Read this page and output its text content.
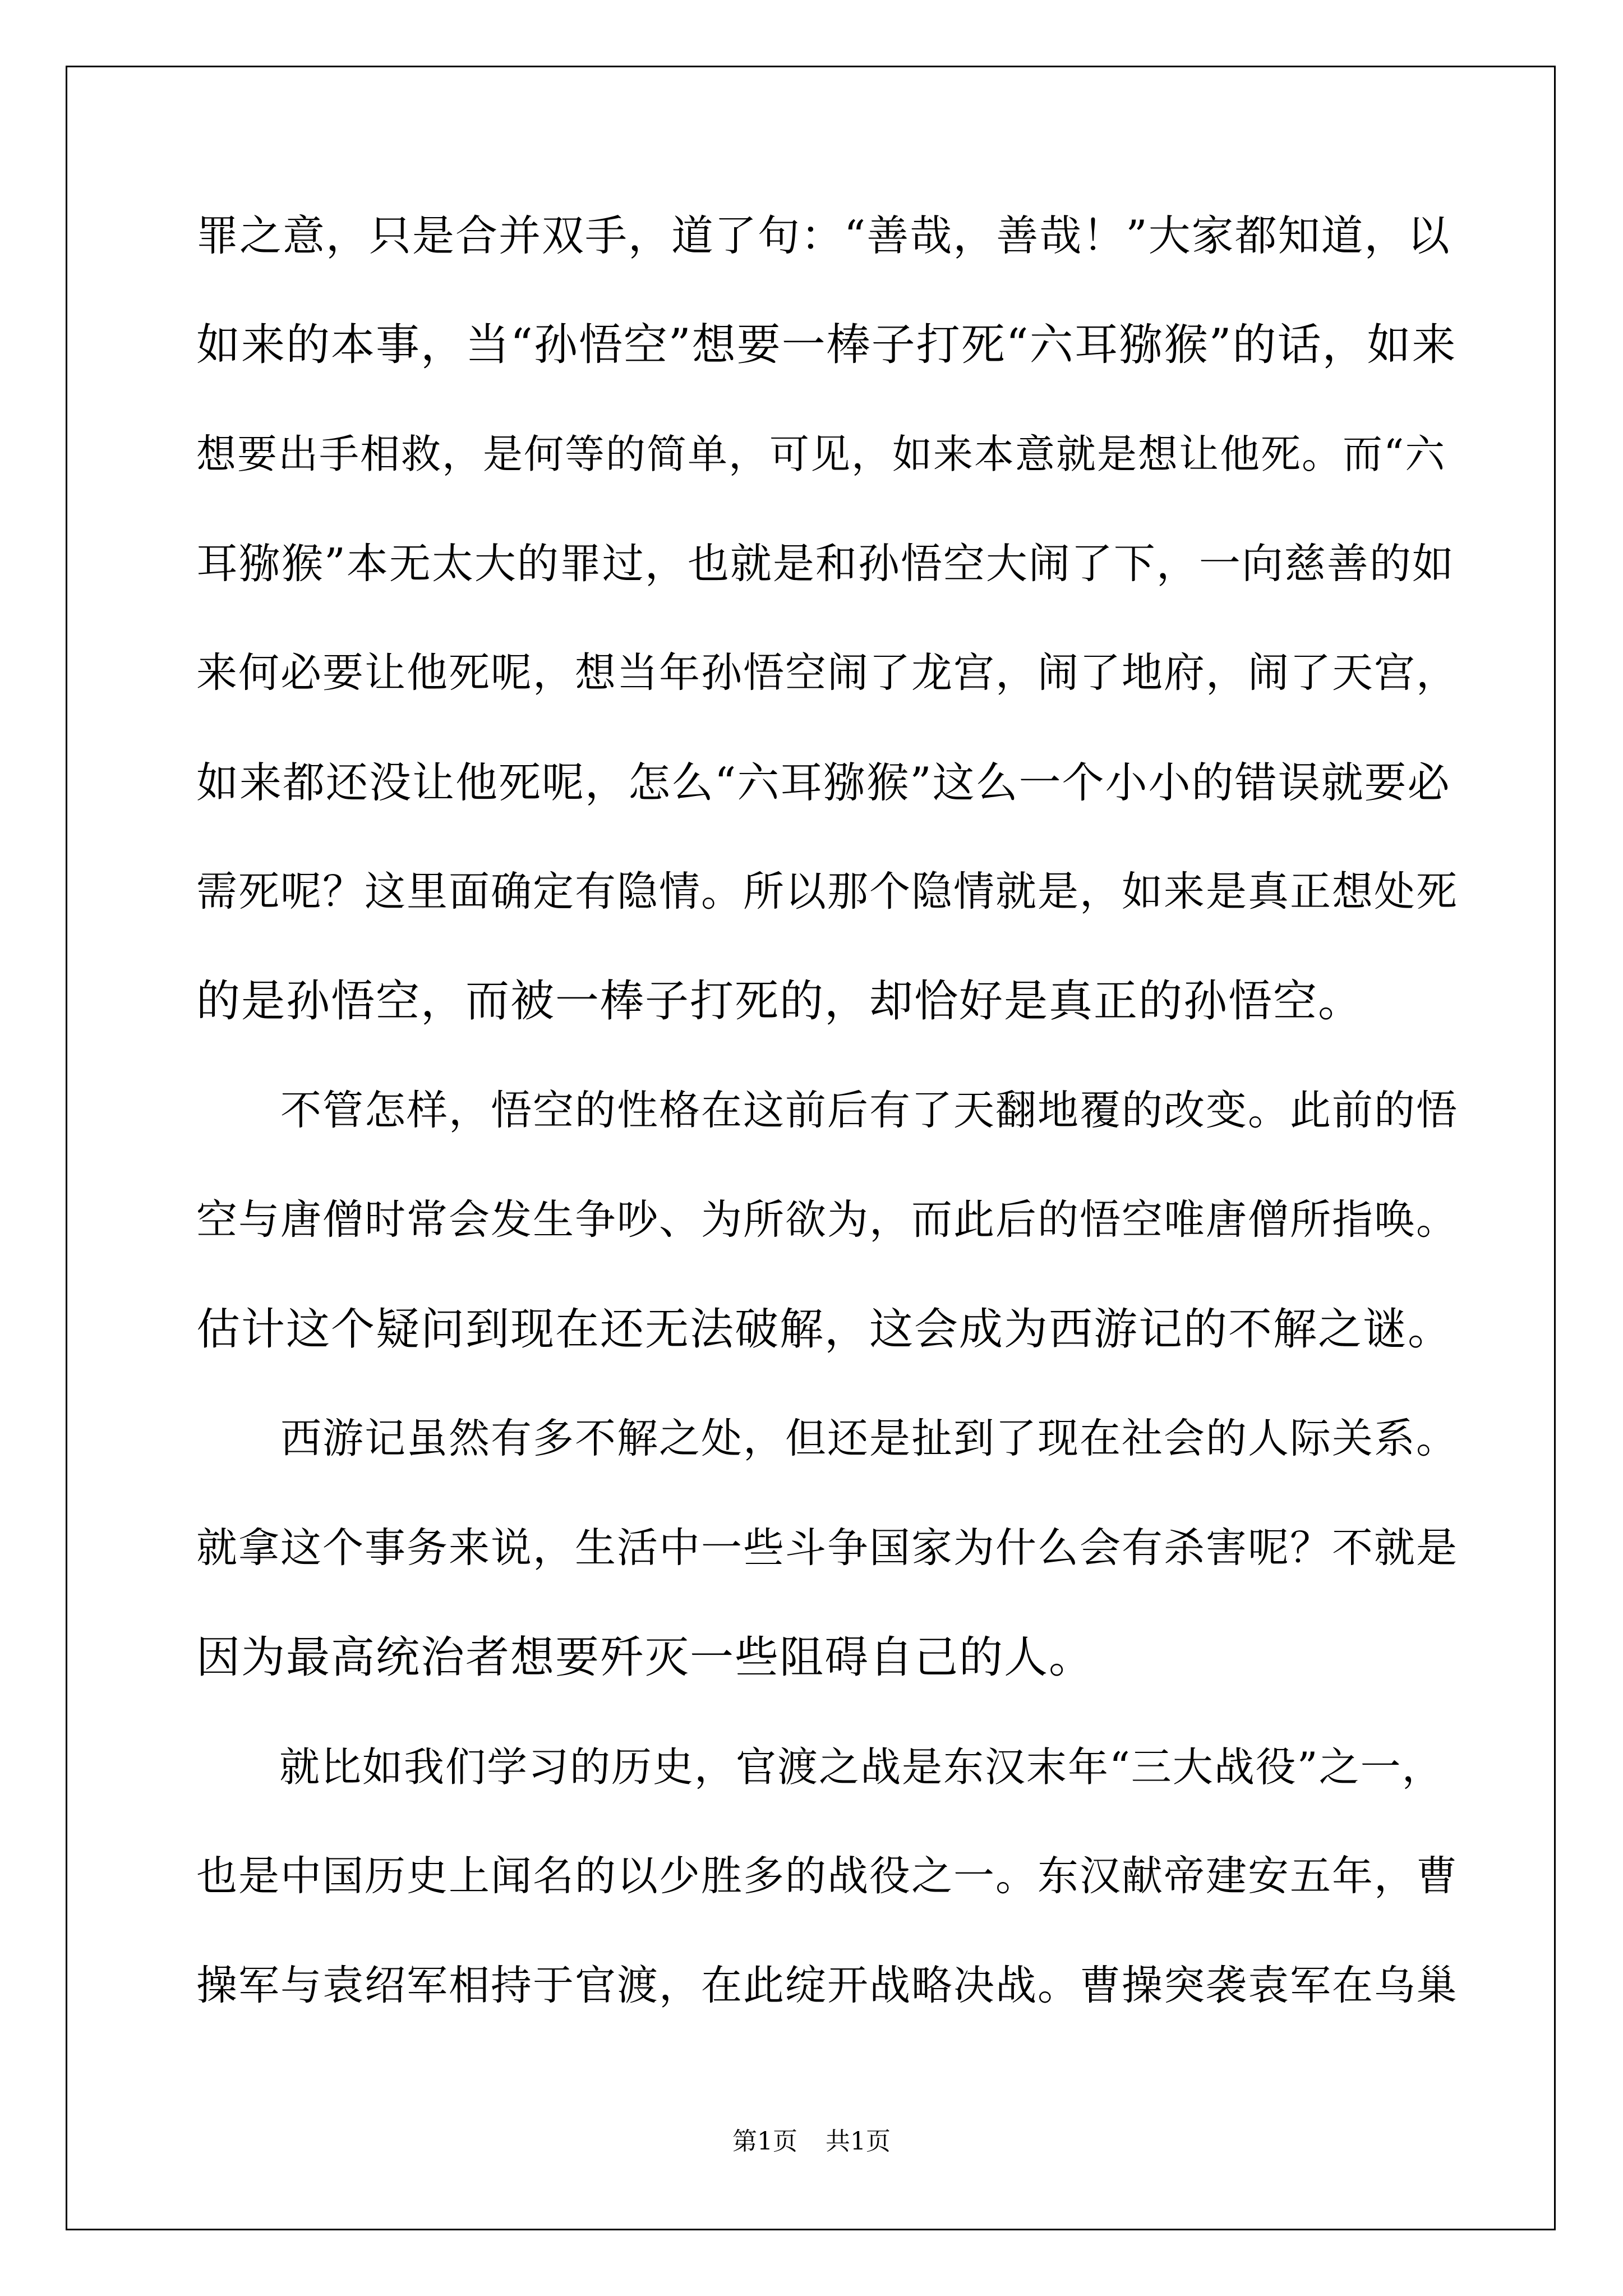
罪之意，只是合并双手，道了句：“善哉，善哉！”大家都知道，以
如来的本事，当“孙悟空”想要一棒子打死“六耳猕猴”的话，如来
想要出手相救，是何等的简单，可见，如来本意就是想让他死。而“六
耳猕猴”本无太大的罪过，也就是和孙悟空大闹了下，一向慈善的如
来何必要让他死呢，想当年孙悟空闹了龙宫，闹了地府，闹了天宫，
如来都还没让他死呢，怎么“六耳猕猴”这么一个小小的错误就要必
需死呢？这里面确定有隐情。所以那个隐情就是，如来是真正想处死
的是孙悟空，而被一棒子打死的，却恰好是真正的孙悟空。
　　不管怎样，悟空的性格在这前后有了天翻地覆的改变。此前的悟
空与唐僧时常会发生争吵、为所欲为，而此后的悟空唯唐僧所指唤。
估计这个疑问到现在还无法破解，这会成为西游记的不解之谜。
　　西游记虽然有多不解之处，但还是扯到了现在社会的人际关系。
就拿这个事务来说，生活中一些斗争国家为什么会有杀害呢？不就是
因为最高统治者想要歼灭一些阻碍自己的人。
　　就比如我们学习的历史，官渡之战是东汉末年“三大战役”之一，
也是中国历史上闻名的以少胜多的战役之一。东汉献帝建安五年，曹
操军与袁绍军相持于官渡，在此绽开战略决战。曹操突袭袁军在乌巢
第1页 共1页
